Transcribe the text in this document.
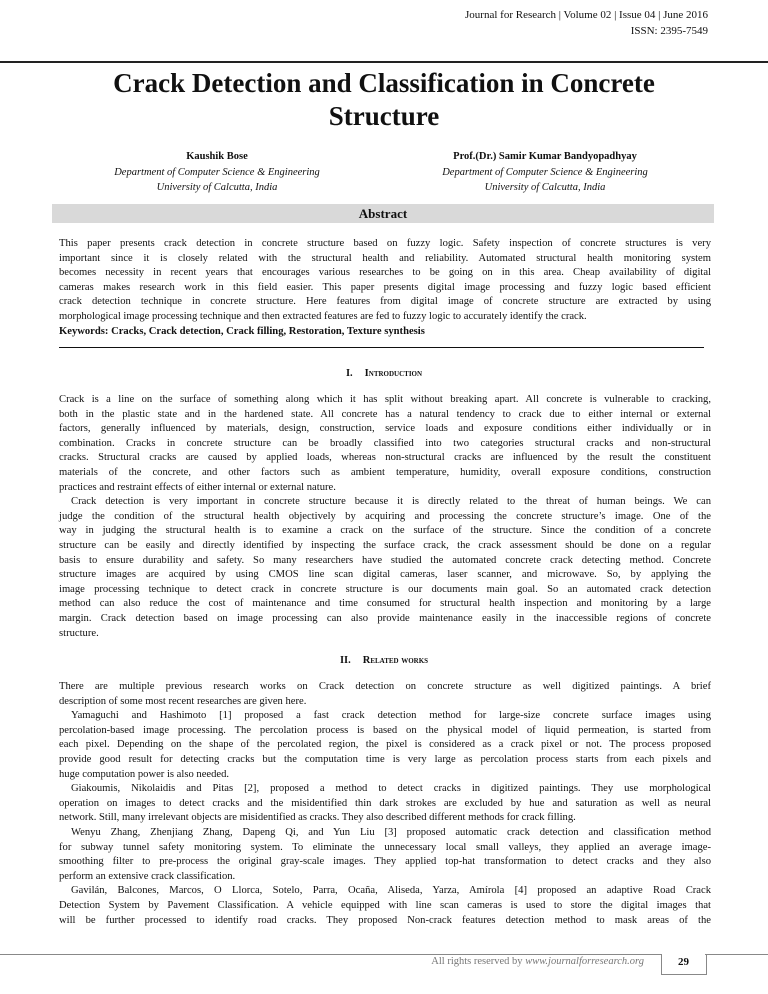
Journal for Research | Volume 02 | Issue 04 | June 2016
ISSN: 2395-7549
Crack Detection and Classification in Concrete
Structure
Kaushik Bose
Department of Computer Science & Engineering
University of Calcutta, India
Prof.(Dr.) Samir Kumar Bandyopadhyay
Department of Computer Science & Engineering
University of Calcutta, India
Abstract
This paper presents crack detection in concrete structure based on fuzzy logic. Safety inspection of concrete structures is very
important since it is closely related with the structural health and reliability. Automated structural health monitoring system
becomes necessity in recent years that encourages various researches to be going on in this area. Cheap availability of digital
cameras makes research work in this field easier. This paper presents digital image processing and fuzzy logic based efficient
crack detection technique in concrete structure. Here features from digital image of concrete structure are extracted by using
morphological image processing technique and then extracted features are fed to fuzzy logic to accurately identify the crack.
Keywords: Cracks, Crack detection, Crack filling, Restoration, Texture synthesis
I. Introduction
Crack is a line on the surface of something along which it has split without breaking apart. All concrete is vulnerable to cracking,
both in the plastic state and in the hardened state. All concrete has a natural tendency to crack due to either internal or external
factors, generally influenced by materials, design, construction, service loads and exposure conditions either individually or in
combination. Cracks in concrete structure can be broadly classified into two categories structural cracks and non-structural
cracks. Structural cracks are caused by applied loads, whereas non-structural cracks are influenced by the result the constituent
materials of the concrete, and other factors such as ambient temperature, humidity, overall exposure conditions, construction
practices and restraint effects of either internal or external nature.
Crack detection is very important in concrete structure because it is directly related to the threat of human beings. We can
judge the condition of the structural health objectively by acquiring and processing the concrete structure’s image. One of the
way in judging the structural health is to examine a crack on the surface of the structure. Since the condition of a concrete
structure can be easily and directly identified by inspecting the surface crack, the crack assessment should be done on a regular
basis to ensure durability and safety. So many researchers have studied the automated concrete crack detecting method. Concrete
structure images are acquired by using CMOS line scan digital cameras, laser scanner, and microwave. So, by applying the
image processing technique to detect crack in concrete structure is our documents main goal. So an automated crack detection
method can also reduce the cost of maintenance and time consumed for structural health inspection and monitoring by a large
margin. Crack detection based on image processing can also provide maintenance easily in the inaccessible regions of concrete
structure.
II. Related works
There are multiple previous research works on Crack detection on concrete structure as well digitized paintings. A brief
description of some most recent researches are given here.
Yamaguchi and Hashimoto [1] proposed a fast crack detection method for large-size concrete surface images using
percolation-based image processing. The percolation process is based on the physical model of liquid permeation, is started from
each pixel. Depending on the shape of the percolated region, the pixel is considered as a crack pixel or not. The process proposed
provide good result for detecting cracks but the computation time is very large as percolation process starts from each pixels and
huge computation power is also needed.
Giakoumis, Nikolaidis and Pitas [2], proposed a method to detect cracks in digitized paintings. They use morphological
operation on images to detect cracks and the misidentified thin dark strokes are excluded by hue and saturation as well as neural
network. Still, many irrelevant objects are misidentified as cracks. They also described different methods for crack filling.
Wenyu Zhang, Zhenjiang Zhang, Dapeng Qi, and Yun Liu [3] proposed automatic crack detection and classification method
for subway tunnel safety monitoring system. To eliminate the unnecessary local small valleys, they applied an average image-
smoothing filter to pre-process the original gray-scale images. They applied top-hat transformation to detect cracks and they also
perform an extensive crack classification.
Gavilán, Balcones, Marcos, O Llorca, Sotelo, Parra, Ocaña, Aliseda, Yarza, Amírola [4] proposed an adaptive Road Crack
Detection System by Pavement Classification. A vehicle equipped with line scan cameras is used to store the digital images that
will be further processed to identify road cracks. They proposed Non-crack features detection method to mask areas of the
All rights reserved by www.journalforresearch.org	29
